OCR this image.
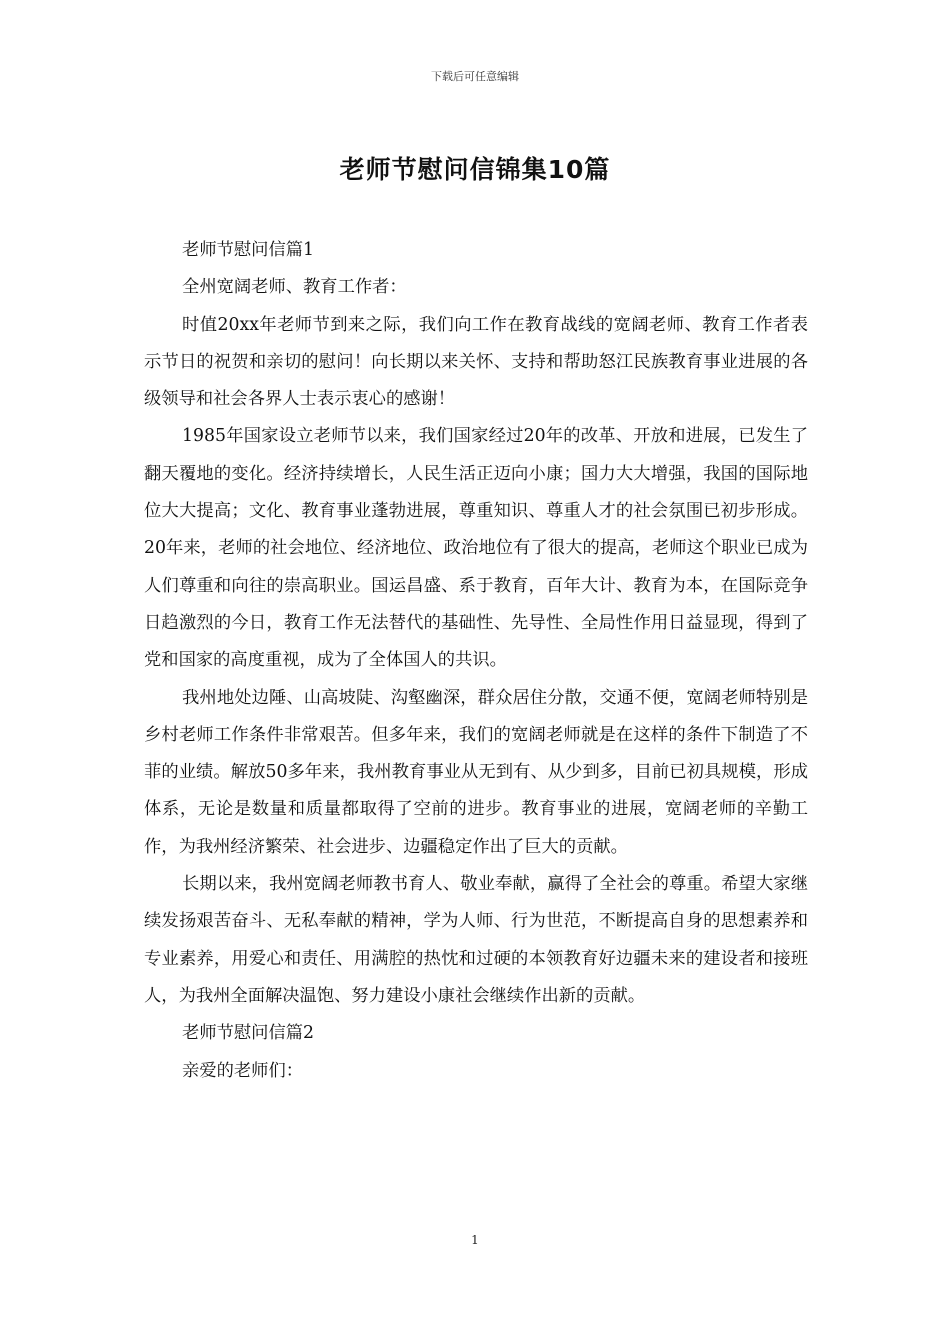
下载后可任意编辑
老师节慰问信锦集10篇

老师节慰问信篇1

全州宽阔老师、教育工作者：

时值20xx年老师节到来之际，我们向工作在教育战线的宽阔老师、教育工作者表示节日的祝贺和亲切的慰问！向长期以来关怀、支持和帮助怒江民族教育事业进展的各级领导和社会各界人士表示衷心的感谢！

1985年国家设立老师节以来，我们国家经过20年的改革、开放和进展，已发生了翻天覆地的变化。经济持续增长，人民生活正迈向小康；国力大大增强，我国的国际地位大大提高；文化、教育事业蓬勃进展，尊重知识、尊重人才的社会氛围已初步形成。20年来，老师的社会地位、经济地位、政治地位有了很大的提高，老师这个职业已成为人们尊重和向往的崇高职业。国运昌盛、系于教育，百年大计、教育为本，在国际竞争日趋激烈的今日，教育工作无法替代的基础性、先导性、全局性作用日益显现，得到了党和国家的高度重视，成为了全体国人的共识。

我州地处边陲、山高坡陡、沟壑幽深，群众居住分散，交通不便，宽阔老师特别是乡村老师工作条件非常艰苦。但多年来，我们的宽阔老师就是在这样的条件下制造了不菲的业绩。解放50多年来，我州教育事业从无到有、从少到多，目前已初具规模，形成体系，无论是数量和质量都取得了空前的进步。教育事业的进展，宽阔老师的辛勤工作，为我州经济繁荣、社会进步、边疆稳定作出了巨大的贡献。

长期以来，我州宽阔老师教书育人、敬业奉献，赢得了全社会的尊重。希望大家继续发扬艰苦奋斗、无私奉献的精神，学为人师、行为世范，不断提高自身的思想素养和专业素养，用爱心和责任、用满腔的热忱和过硬的本领教育好边疆未来的建设者和接班人，为我州全面解决温饱、努力建设小康社会继续作出新的贡献。

老师节慰问信篇2

亲爱的老师们：

1
